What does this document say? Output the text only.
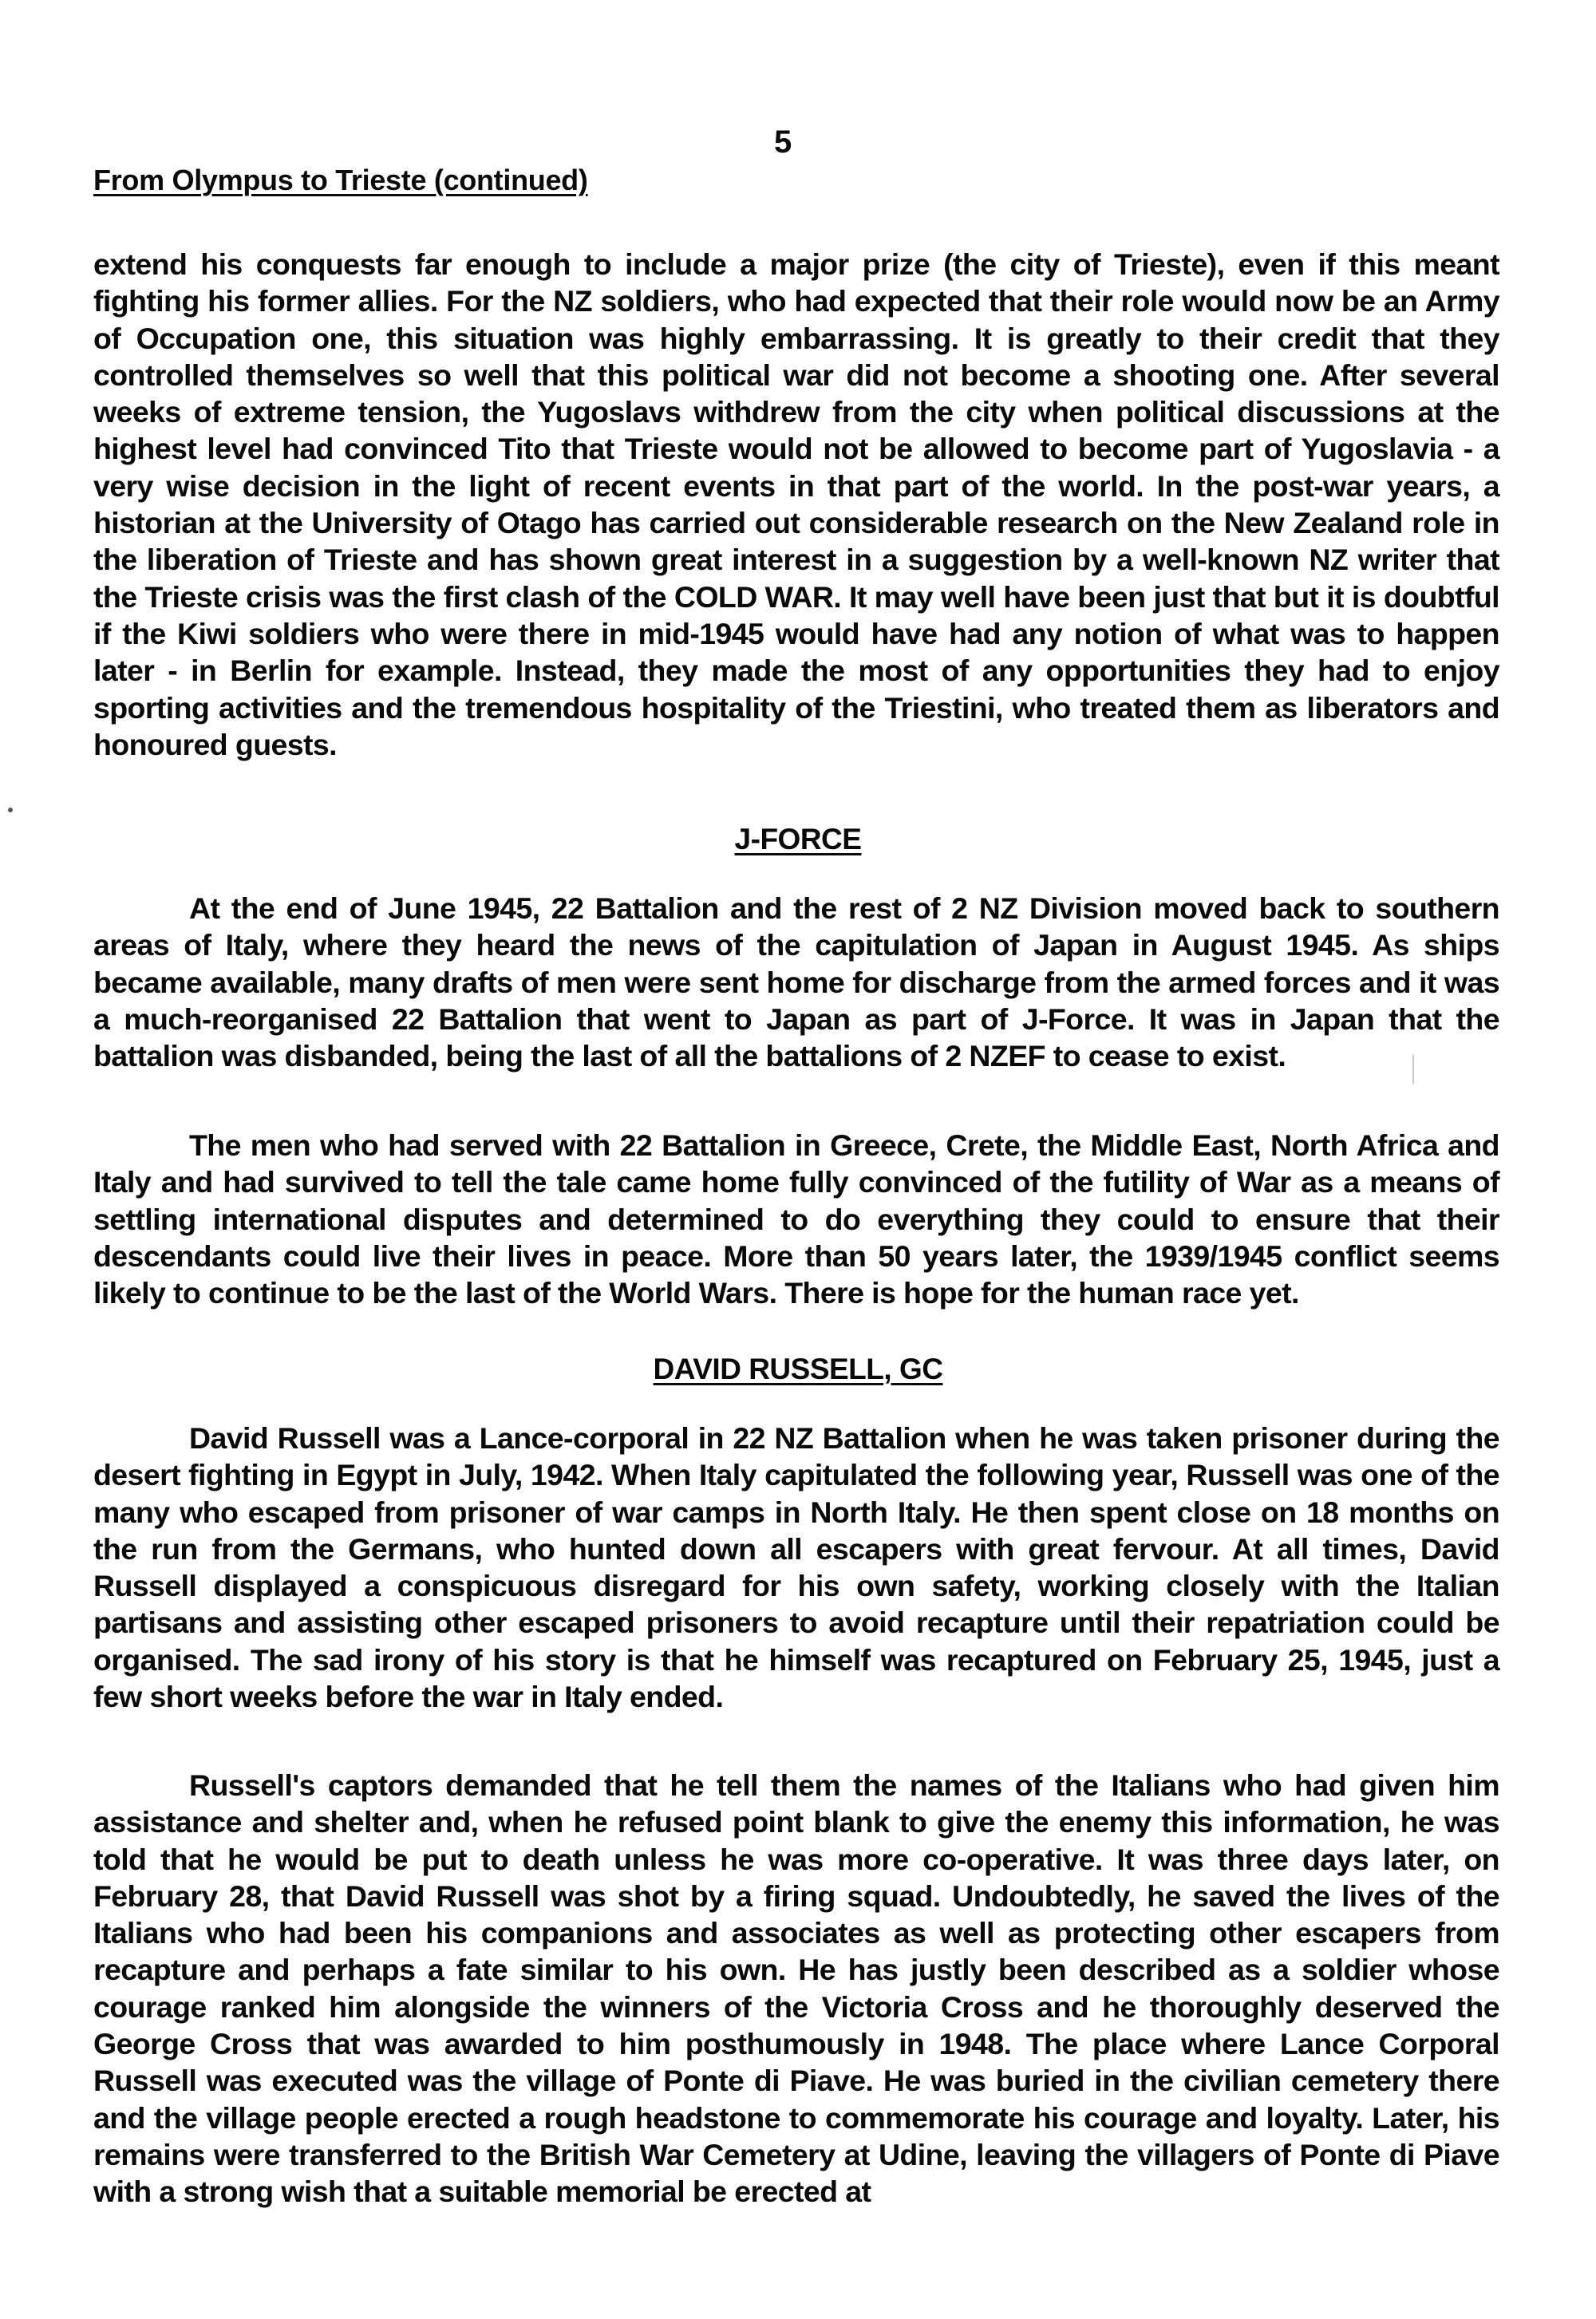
5
From Olympus to Trieste (continued)

extend his conquests far enough to include a major prize (the city of Trieste), even if this meant fighting his former allies. For the NZ soldiers, who had expected that their role would now be an Army of Occupation one, this situation was highly embarrassing. It is greatly to their credit that they controlled themselves so well that this political war did not become a shooting one. After several weeks of extreme tension, the Yugoslavs withdrew from the city when political discussions at the highest level had convinced Tito that Trieste would not be allowed to become part of Yugoslavia - a very wise decision in the light of recent events in that part of the world. In the post-war years, a historian at the University of Otago has carried out considerable research on the New Zealand role in the liberation of Trieste and has shown great interest in a suggestion by a well-known NZ writer that the Trieste crisis was the first clash of the COLD WAR. It may well have been just that but it is doubtful if the Kiwi soldiers who were there in mid-1945 would have had any notion of what was to happen later - in Berlin for example. Instead, they made the most of any opportunities they had to enjoy sporting activities and the tremendous hospitality of the Triestini, who treated them as liberators and honoured guests.

J-FORCE

At the end of June 1945, 22 Battalion and the rest of 2 NZ Division moved back to southern areas of Italy, where they heard the news of the capitulation of Japan in August 1945. As ships became available, many drafts of men were sent home for discharge from the armed forces and it was a much-reorganised 22 Battalion that went to Japan as part of J-Force. It was in Japan that the battalion was disbanded, being the last of all the battalions of 2 NZEF to cease to exist.

The men who had served with 22 Battalion in Greece, Crete, the Middle East, North Africa and Italy and had survived to tell the tale came home fully convinced of the futility of War as a means of settling international disputes and determined to do everything they could to ensure that their descendants could live their lives in peace. More than 50 years later, the 1939/1945 conflict seems likely to continue to be the last of the World Wars. There is hope for the human race yet.

DAVID RUSSELL, GC

David Russell was a Lance-corporal in 22 NZ Battalion when he was taken prisoner during the desert fighting in Egypt in July, 1942. When Italy capitulated the following year, Russell was one of the many who escaped from prisoner of war camps in North Italy. He then spent close on 18 months on the run from the Germans, who hunted down all escapers with great fervour. At all times, David Russell displayed a conspicuous disregard for his own safety, working closely with the Italian partisans and assisting other escaped prisoners to avoid recapture until their repatriation could be organised. The sad irony of his story is that he himself was recaptured on February 25, 1945, just a few short weeks before the war in Italy ended.

Russell's captors demanded that he tell them the names of the Italians who had given him assistance and shelter and, when he refused point blank to give the enemy this information, he was told that he would be put to death unless he was more co-operative. It was three days later, on February 28, that David Russell was shot by a firing squad. Undoubtedly, he saved the lives of the Italians who had been his companions and associates as well as protecting other escapers from recapture and perhaps a fate similar to his own. He has justly been described as a soldier whose courage ranked him alongside the winners of the Victoria Cross and he thoroughly deserved the George Cross that was awarded to him posthumously in 1948. The place where Lance Corporal Russell was executed was the village of Ponte di Piave. He was buried in the civilian cemetery there and the village people erected a rough headstone to commemorate his courage and loyalty. Later, his remains were transferred to the British War Cemetery at Udine, leaving the villagers of Ponte di Piave with a strong wish that a suitable memorial be erected at
